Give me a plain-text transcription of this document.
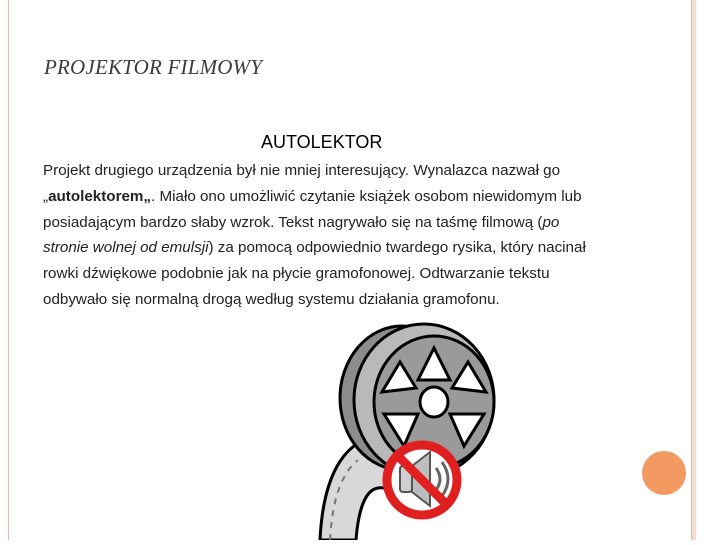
PROJEKTOR FILMOWY
AUTOLEKTOR

Projekt drugiego urządzenia był nie mniej interesujący. Wynalazca nazwał go „autolektorem„. Miało ono umożliwić czytanie książek osobom niewidomym lub posiadającym bardzo słaby wzrok. Tekst nagrywało się na taśmę filmową (po stronie wolnej od emulsji) za pomocą odpowiednio twardego rysika, który nacinał rowki dźwiękowe podobnie jak na płycie gramofonowej. Odtwarzanie tekstu odbywało się normalną drogą według systemu działania gramofonu.
